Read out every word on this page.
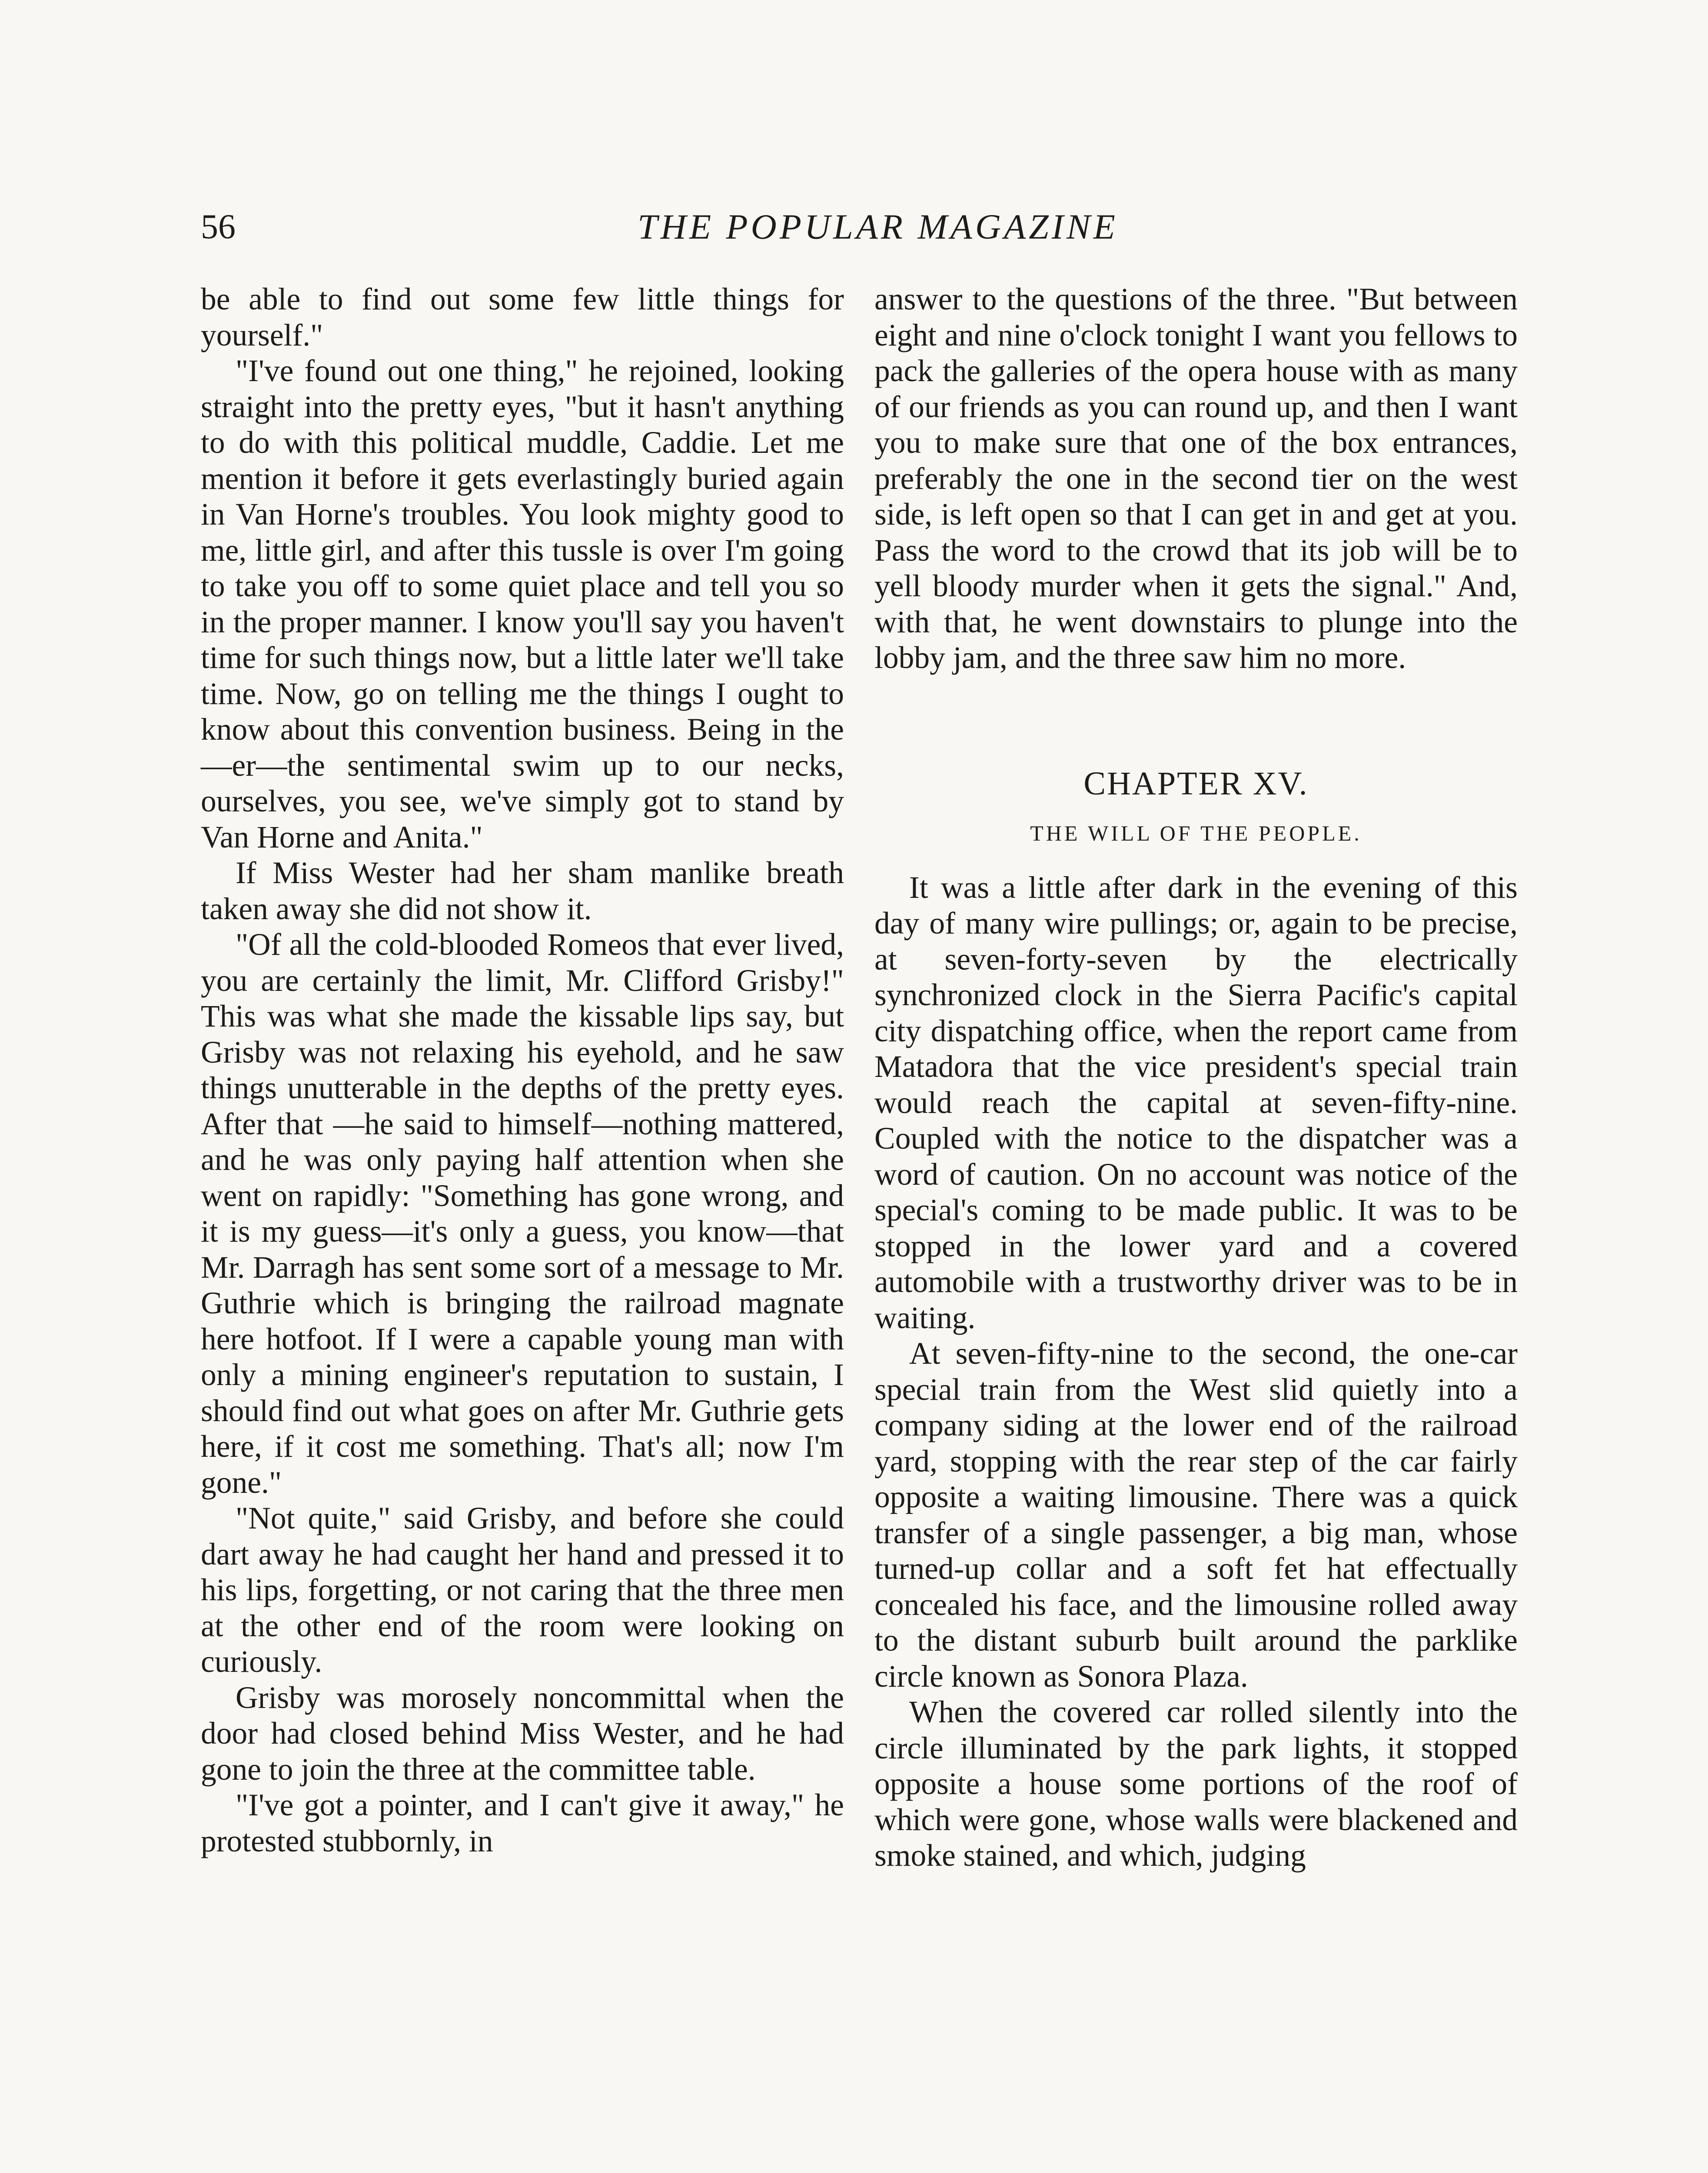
56	THE POPULAR MAGAZINE

be able to find out some few little things for yourself."

"I've found out one thing," he rejoined, looking straight into the pretty eyes, "but it hasn't anything to do with this political muddle, Caddie. Let me mention it before it gets everlastingly buried again in Van Horne's troubles. You look mighty good to me, little girl, and after this tussle is over I'm going to take you off to some quiet place and tell you so in the proper manner. I know you'll say you haven't time for such things now, but a little later we'll take time. Now, go on telling me the things I ought to know about this convention business. Being in the—er—the sentimental swim up to our necks, ourselves, you see, we've simply got to stand by Van Horne and Anita."

If Miss Wester had her sham manlike breath taken away she did not show it.

"Of all the cold-blooded Romeos that ever lived, you are certainly the limit, Mr. Clifford Grisby!" This was what she made the kissable lips say, but Grisby was not relaxing his eyehold, and he saw things unutterable in the depths of the pretty eyes. After that —he said to himself—nothing mattered, and he was only paying half attention when she went on rapidly: "Something has gone wrong, and it is my guess—it's only a guess, you know—that Mr. Darragh has sent some sort of a message to Mr. Guthrie which is bringing the railroad magnate here hotfoot. If I were a capable young man with only a mining engineer's reputation to sustain, I should find out what goes on after Mr. Guthrie gets here, if it cost me something. That's all; now I'm gone."

"Not quite," said Grisby, and before she could dart away he had caught her hand and pressed it to his lips, forgetting, or not caring that the three men at the other end of the room were looking on curiously.

Grisby was morosely noncommittal when the door had closed behind Miss Wester, and he had gone to join the three at the committee table.

"I've got a pointer, and I can't give it away," he protested stubbornly, in

answer to the questions of the three. "But between eight and nine o'clock tonight I want you fellows to pack the galleries of the opera house with as many of our friends as you can round up, and then I want you to make sure that one of the box entrances, preferably the one in the second tier on the west side, is left open so that I can get in and get at you. Pass the word to the crowd that its job will be to yell bloody murder when it gets the signal." And, with that, he went downstairs to plunge into the lobby jam, and the three saw him no more.

CHAPTER XV.
THE WILL OF THE PEOPLE.

It was a little after dark in the evening of this day of many wire pullings; or, again to be precise, at seven-forty-seven by the electrically synchronized clock in the Sierra Pacific's capital city dispatching office, when the report came from Matadora that the vice president's special train would reach the capital at seven-fifty-nine. Coupled with the notice to the dispatcher was a word of caution. On no account was notice of the special's coming to be made public. It was to be stopped in the lower yard and a covered automobile with a trustworthy driver was to be in waiting.

At seven-fifty-nine to the second, the one-car special train from the West slid quietly into a company siding at the lower end of the railroad yard, stopping with the rear step of the car fairly opposite a waiting limousine. There was a quick transfer of a single passenger, a big man, whose turned-up collar and a soft fet hat effectually concealed his face, and the limousine rolled away to the distant suburb built around the parklike circle known as Sonora Plaza.

When the covered car rolled silently into the circle illuminated by the park lights, it stopped opposite a house some portions of the roof of which were gone, whose walls were blackened and smoke stained, and which, judging
